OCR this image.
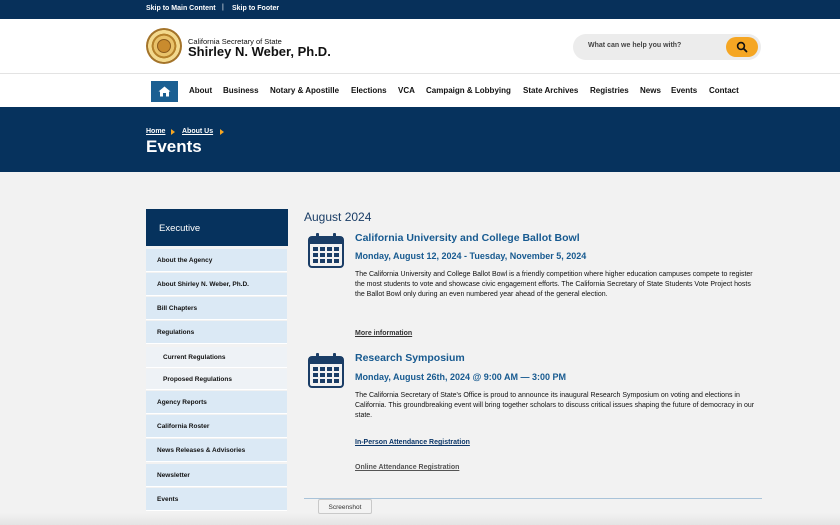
Skip to Main Content | Skip to Footer
California Secretary of State
Shirley N. Weber, Ph.D.	What can we help you with?
About Business Notary & Apostille Elections VCA Campaign & Lobbying State Archives Registries News Events Contact
Home About Us
Events
Executive
About the Agency
About Shirley N. Weber, Ph.D.
Bill Chapters
Regulations
Current Regulations
Proposed Regulations
Agency Reports
California Roster
News Releases & Advisories
Newsletter
Events
August 2024
California University and College Ballot Bowl
Monday, August 12, 2024 - Tuesday, November 5, 2024
The California University and College Ballot Bowl is a friendly competition where higher education campuses compete to register the most students to vote and showcase civic engagement efforts. The California Secretary of State Students Vote Project hosts the Ballot Bowl only during an even numbered year ahead of the general election.
More information
Research Symposium
Monday, August 26th, 2024 @ 9:00 AM — 3:00 PM
The California Secretary of State's Office is proud to announce its inaugural Research Symposium on voting and elections in California. This groundbreaking event will bring together scholars to discuss critical issues shaping the future of democracy in our state.
In-Person Attendance Registration
Online Attendance Registration
Screenshot
